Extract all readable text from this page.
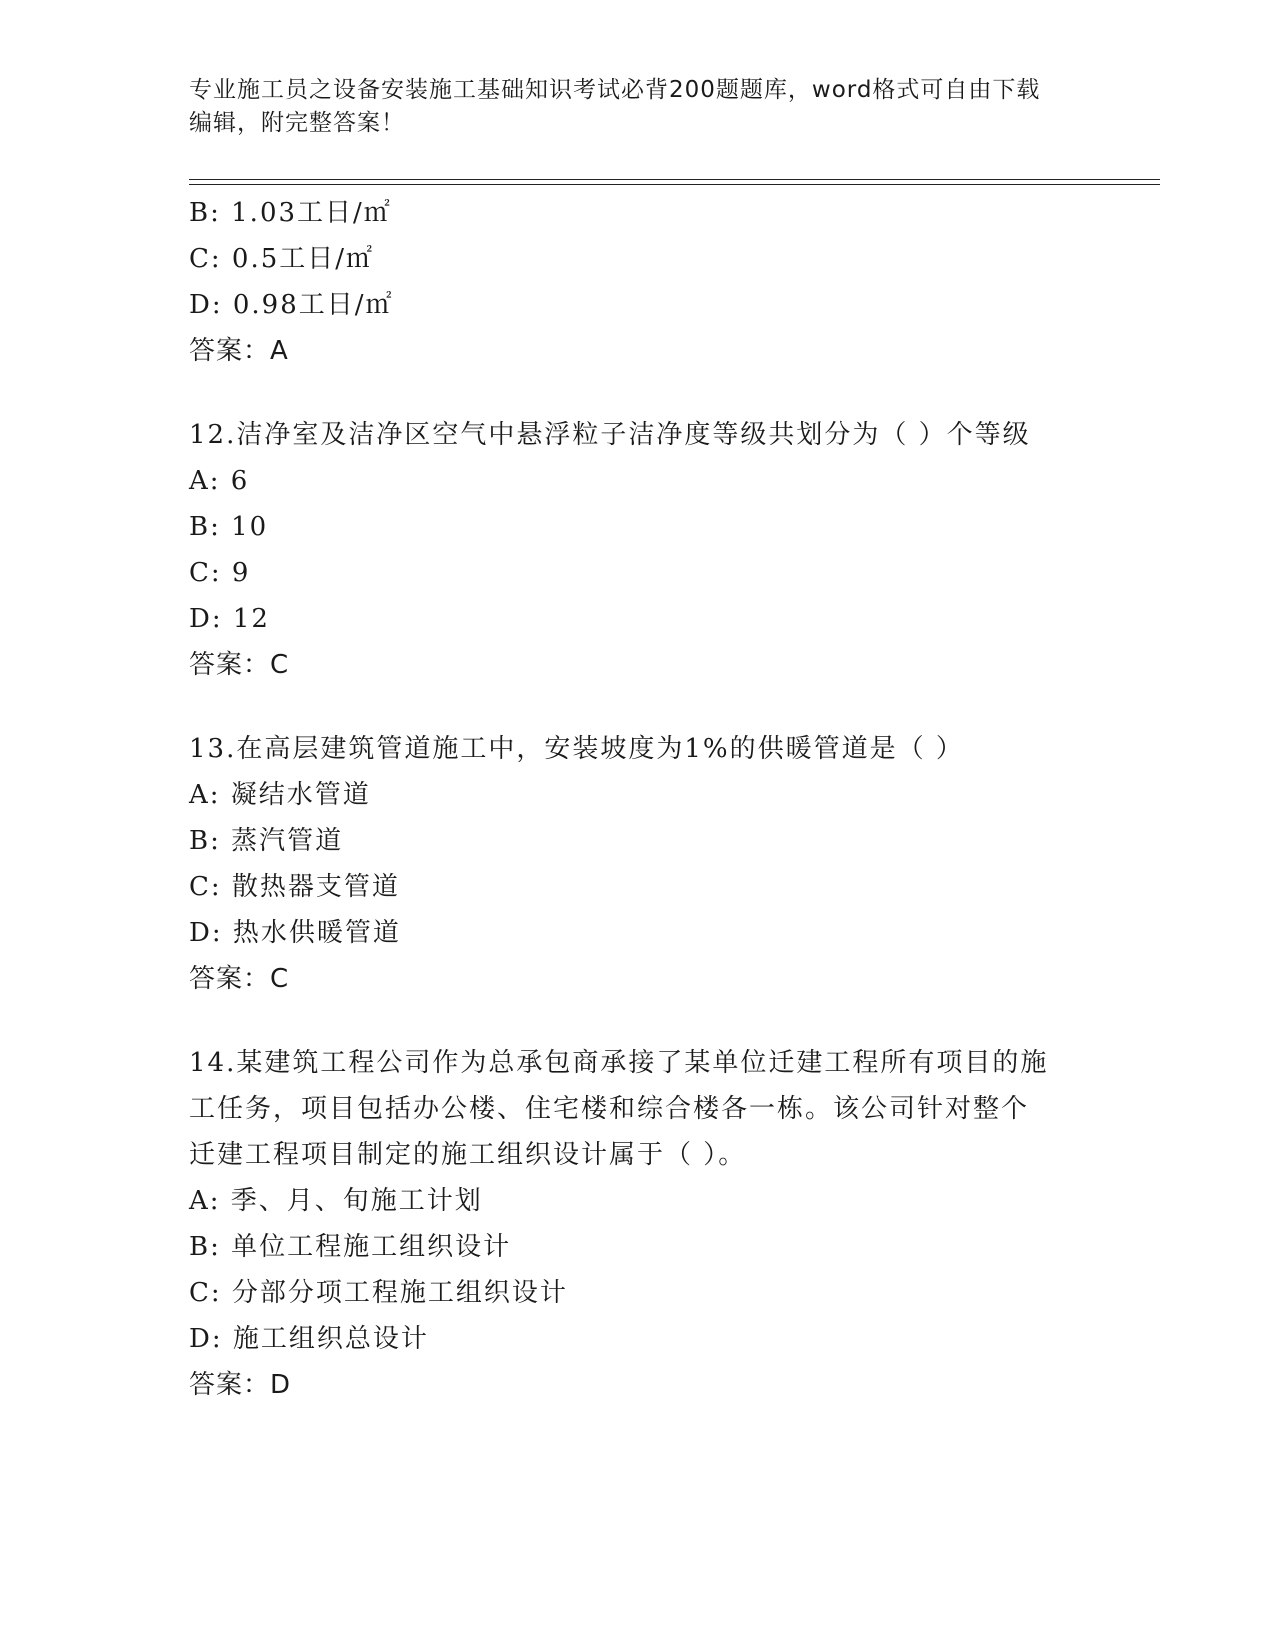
专业施工员之设备安装施工基础知识考试必背200题题库，word格式可自由下载
编辑，附完整答案！
B: 1.03工日/㎡
C: 0.5工日/㎡
D: 0.98工日/㎡
答案：A
12.洁净室及洁净区空气中悬浮粒子洁净度等级共划分为（ ）个等级
A: 6
B: 10
C: 9
D: 12
答案：C
13.在高层建筑管道施工中，安装坡度为1%的供暖管道是（ ）
A: 凝结水管道
B: 蒸汽管道
C: 散热器支管道
D: 热水供暖管道
答案：C
14.某建筑工程公司作为总承包商承接了某单位迁建工程所有项目的施
工任务，项目包括办公楼、住宅楼和综合楼各一栋。该公司针对整个
迁建工程项目制定的施工组织设计属于（ ）。
A: 季、月、旬施工计划
B: 单位工程施工组织设计
C: 分部分项工程施工组织设计
D: 施工组织总设计
答案：D
